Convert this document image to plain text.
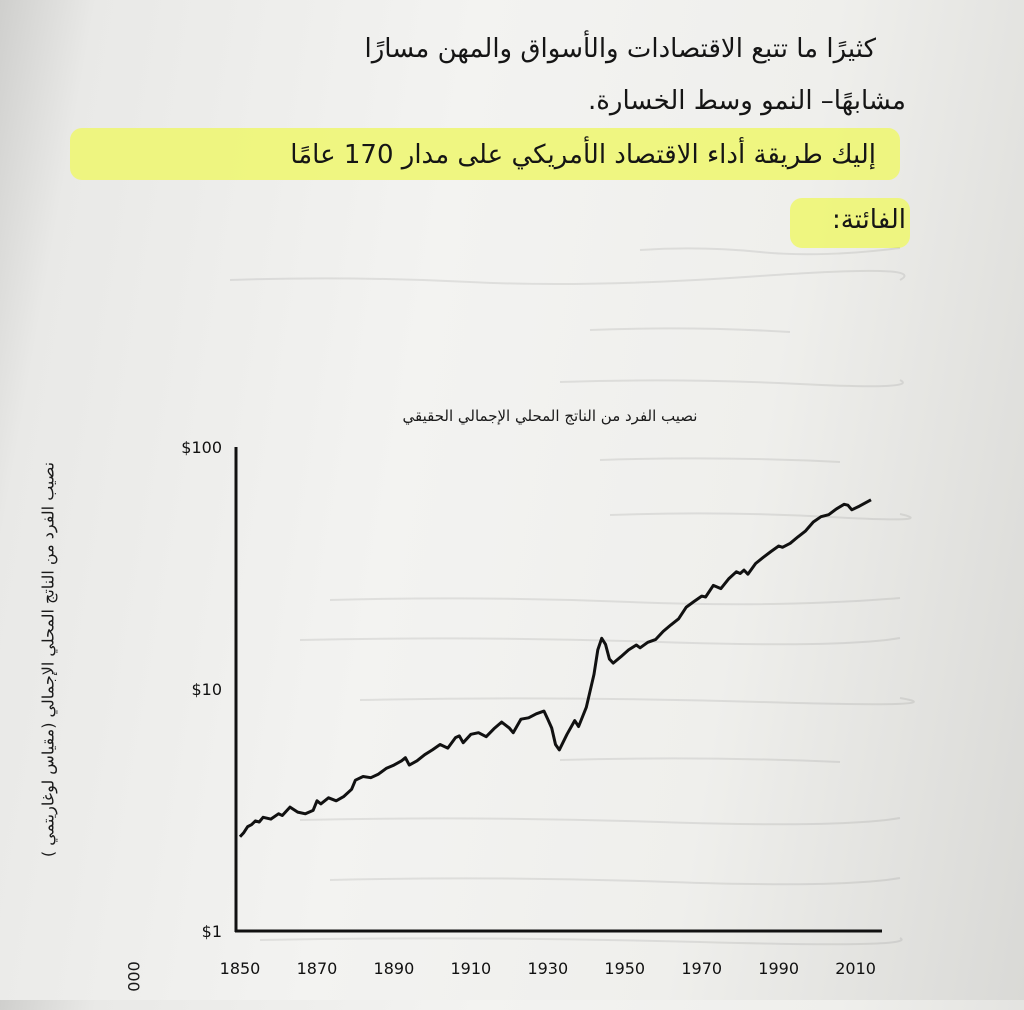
كثيرًا ما تتبع الاقتصادات والأسواق والمهن مسارًا
مشابهًا– النمو وسط الخسارة.
إليك طريقة أداء الاقتصاد الأمريكي على مدار 170 عامًا
الفائتة:
نصيب الفرد من الناتج المحلي الإجمالي الحقيقي
نصيب الفرد من الناتج المحلي الإجمالي (مقياس لوغاريتمي )
000
$1
$10
$100
1850 1870 1890 1910 1930 1950 1970 1990 2010
